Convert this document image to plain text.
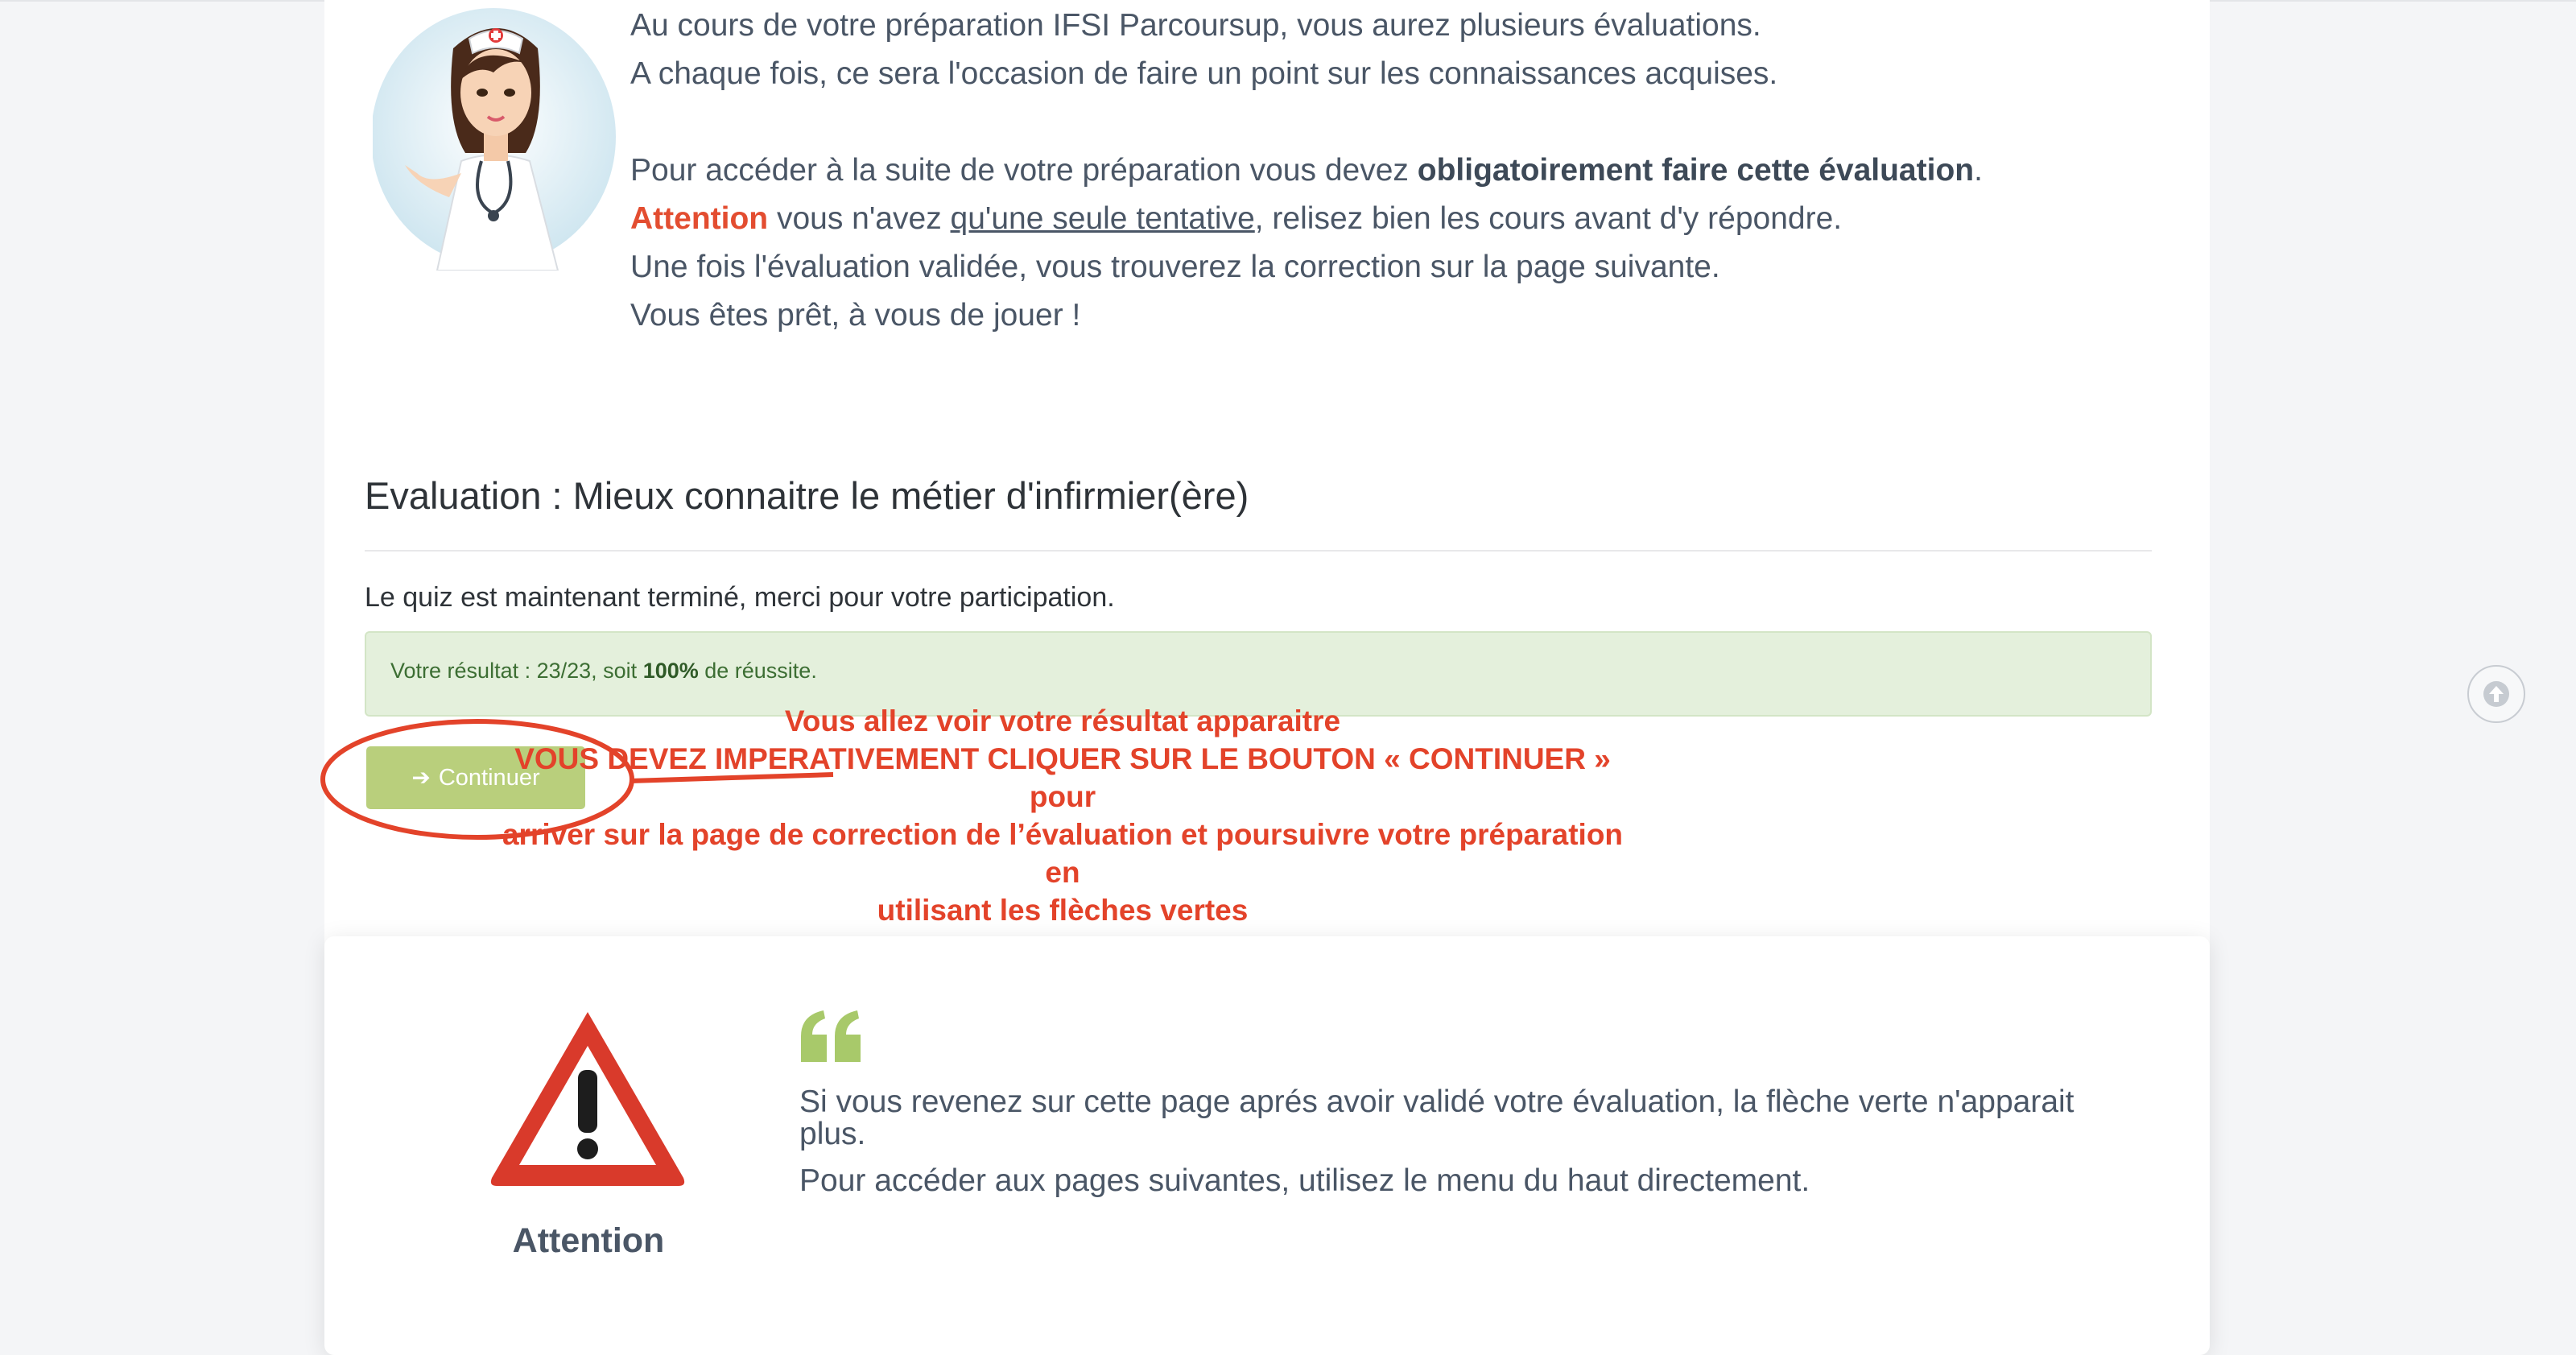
Au cours de votre préparation IFSI Parcoursup, vous aurez plusieurs évaluations.

A chaque fois, ce sera l'occasion de faire un point sur les connaissances acquises.

Pour accéder à la suite de votre préparation vous devez obligatoirement faire cette évaluation.

Attention vous n'avez qu'une seule tentative, relisez bien les cours avant d'y répondre.

Une fois l'évaluation validée, vous trouverez la correction sur la page suivante.

Vous êtes prêt, à vous de jouer !

Evaluation : Mieux connaitre le métier d'infirmier(ère)

Le quiz est maintenant terminé, merci pour votre participation.

Votre résultat : 23/23, soit 100% de réussite.
➔ Continuer

Vous allez voir votre résultat apparaitre

VOUS DEVEZ IMPERATIVEMENT CLIQUER SUR LE BOUTON « CONTINUER » pour

arriver sur la page de correction de l’évaluation et poursuivre votre préparation en

utilisant les flèches vertes

Attention

Si vous revenez sur cette page aprés avoir validé votre évaluation, la flèche verte n'apparait plus.

Pour accéder aux pages suivantes, utilisez le menu du haut directement.
